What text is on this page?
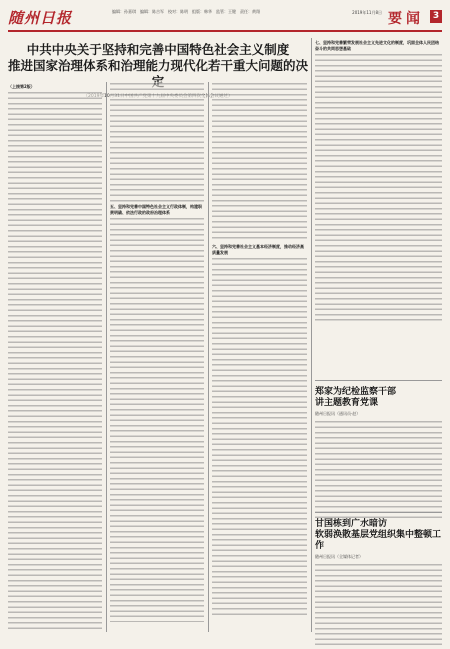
随州日报	编辑：孙嘉琪　编辑：陈吉军　校对：陈明　组版：韩华　监管：王键　责任：黄翔	2019年11月8日 要闻 3
中共中央关于坚持和完善中国特色社会主义制度
推进国家治理体系和治理能力现代化若干重大问题的决
（上接第2版）
五、坚持和完善中国特色社会主义行政体制，构建职责明确、依法行政的政府治理体系
六、坚持和完善社会主义基本经济制度，推动经济高质量发展
七、坚持和完善繁荣发展社会主义先进文化的制度，巩固全体人民团结奋斗的共同思想基础
郑家为纪检监察干部
讲主题教育党课
随州日报讯（通讯员·赵）
甘国栋到广水暗访
软弱涣散基层党组织集中整顿工作
随州日报讯（全媒体记者）
